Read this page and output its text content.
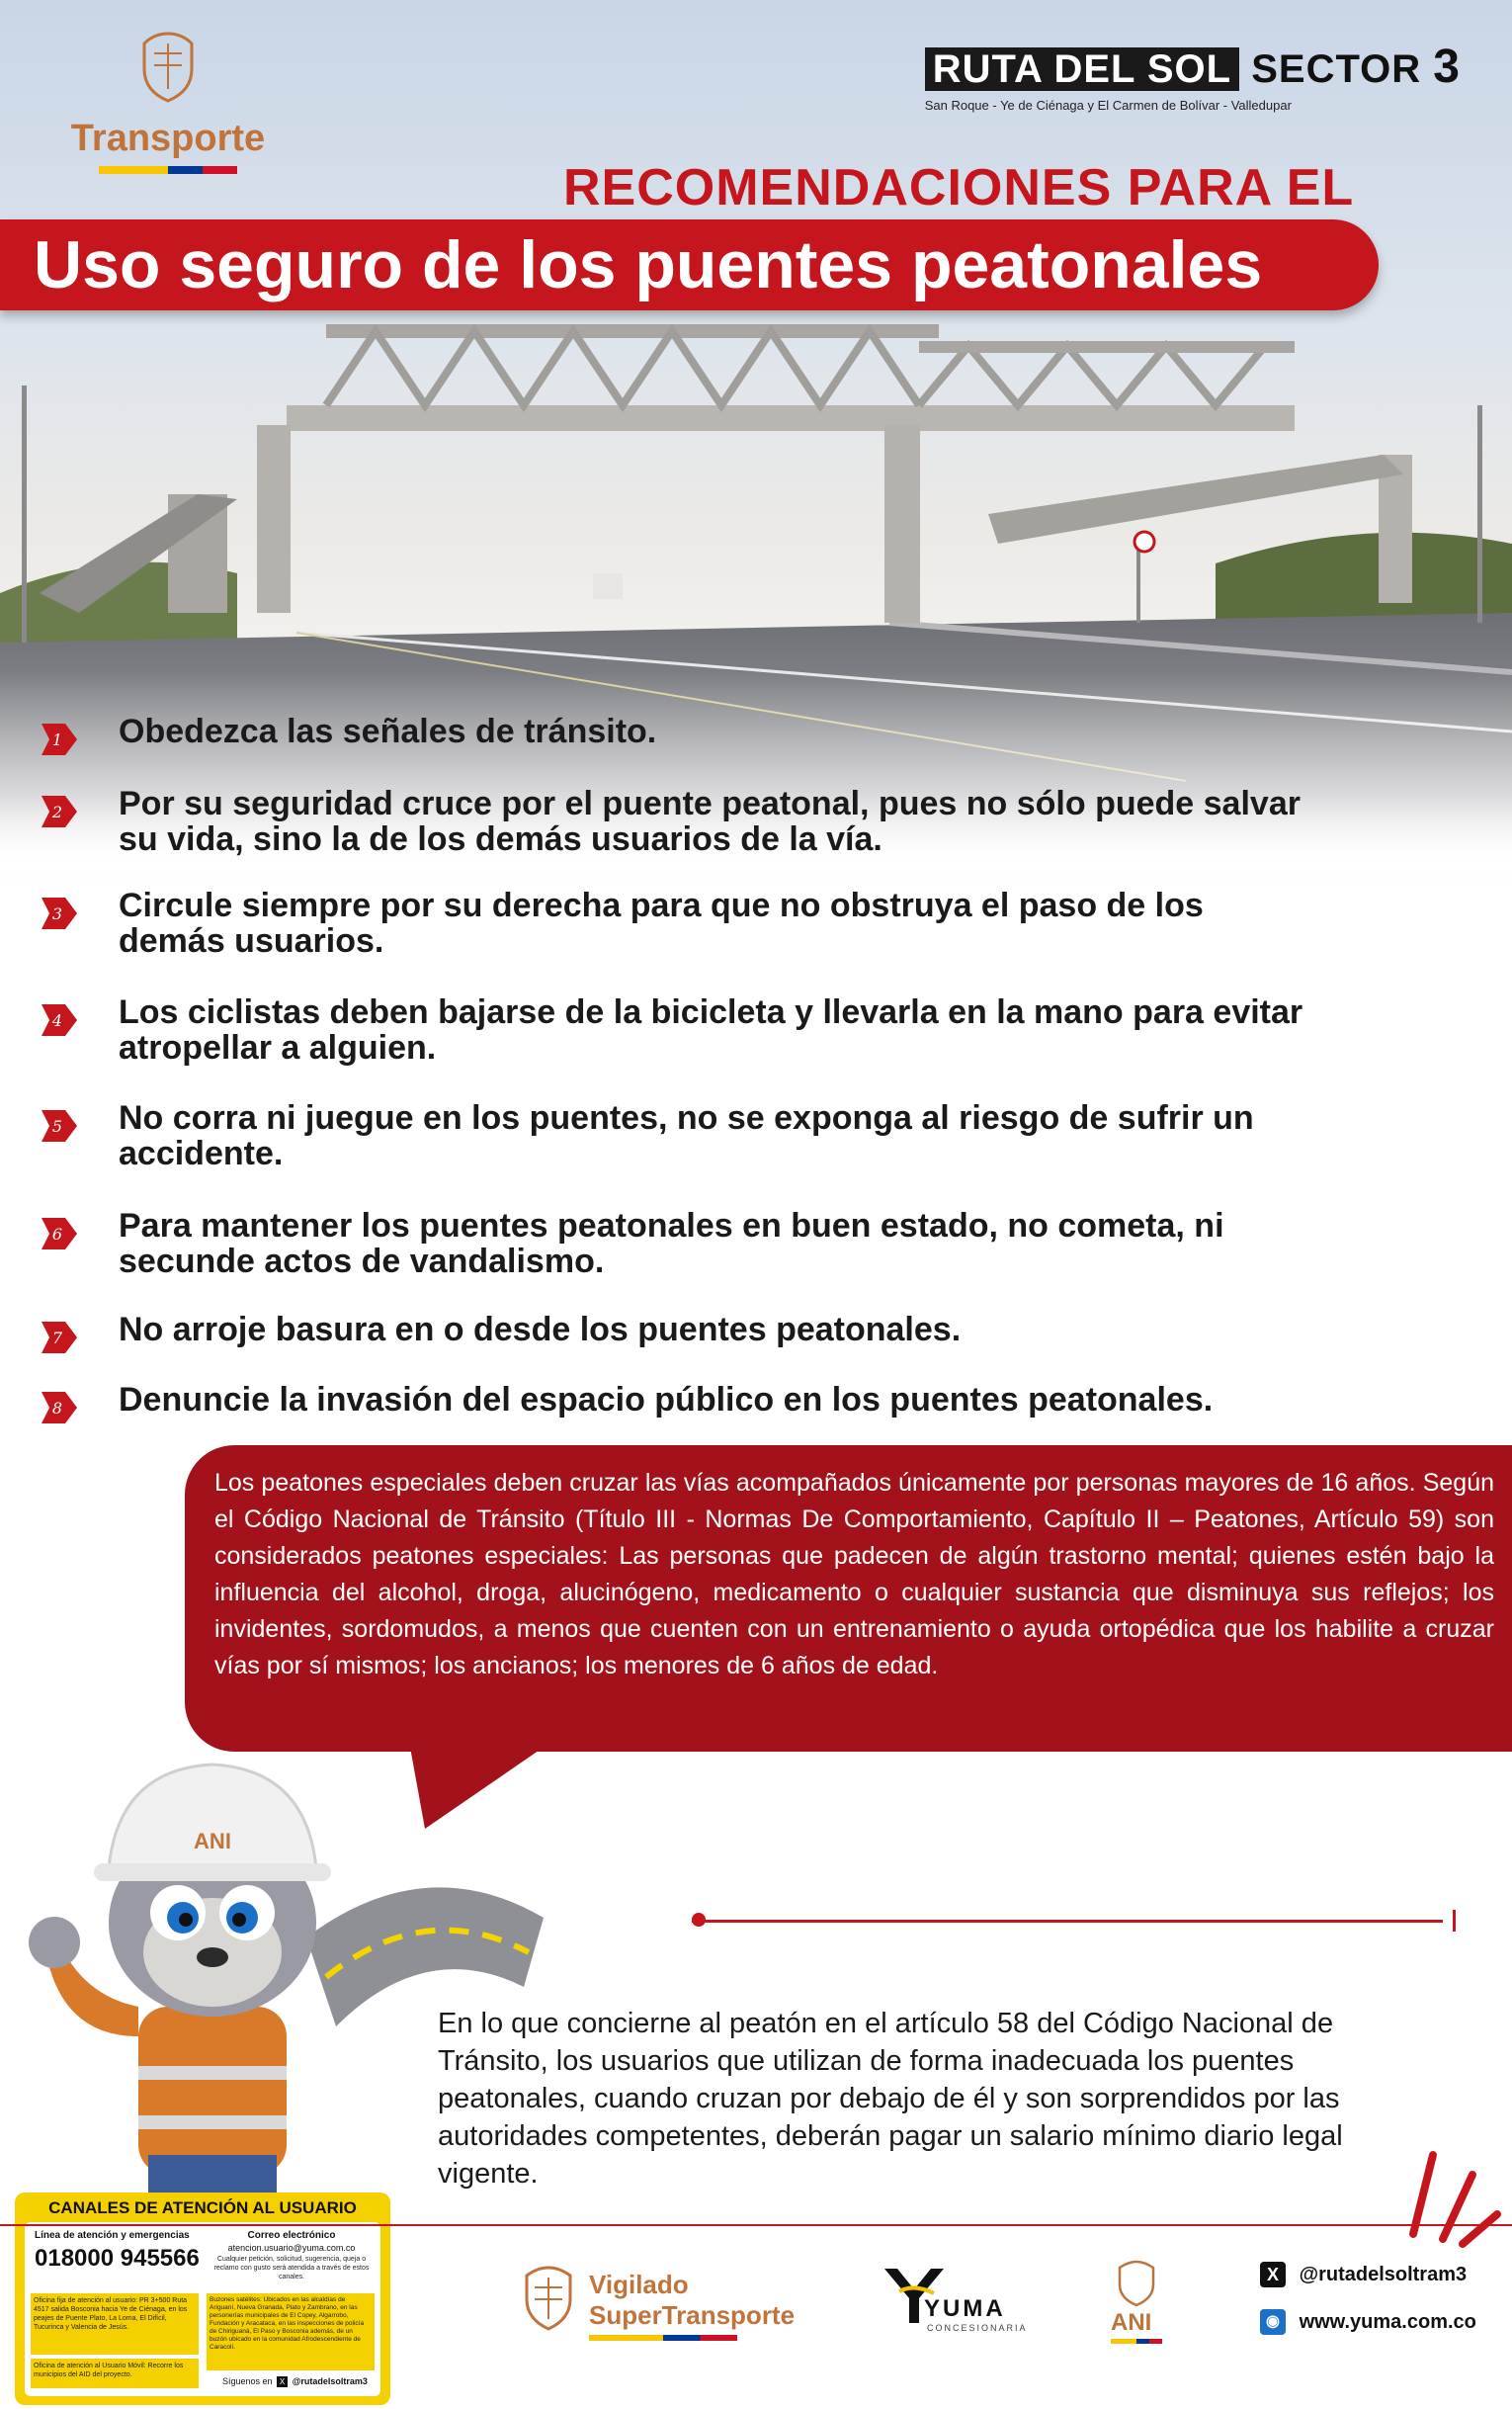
Transporte
RUTA DEL SOL SECTOR 3
San Roque - Ye de Ciénaga y El Carmen de Bolívar - Valledupar
RECOMENDACIONES PARA EL
Uso seguro de los puentes peatonales
1 Obedezca las señales de tránsito.
2 Por su seguridad cruce por el puente peatonal, pues no sólo puede salvar su vida, sino la de los demás usuarios de la vía.
3 Circule siempre por su derecha para que no obstruya el paso de los demás usuarios.
4 Los ciclistas deben bajarse de la bicicleta y llevarla en la mano para evitar atropellar a alguien.
5 No corra ni juegue en los puentes, no se exponga al riesgo de sufrir un accidente.
6 Para mantener los puentes peatonales en buen estado, no cometa, ni secunde actos de vandalismo.
7 No arroje basura en o desde los puentes peatonales.
8 Denuncie la invasión del espacio público en los puentes peatonales.
Los peatones especiales deben cruzar las vías acompañados únicamente por personas mayores de 16 años. Según el Código Nacional de Tránsito (Título III - Normas De Comportamiento, Capítulo II – Peatones, Artículo 59) son considerados peatones especiales: Las personas que padecen de algún trastorno mental; quienes estén bajo la influencia del alcohol, droga, alucinógeno, medicamento o cualquier sustancia que disminuya sus reflejos; los invidentes, sordomudos, a menos que cuenten con un entrenamiento o ayuda ortopédica que los habilite a cruzar vías por sí mismos; los ancianos; los menores de 6 años de edad.
En lo que concierne al peatón en el artículo 58 del Código Nacional de Tránsito, los usuarios que utilizan de forma inadecuada los puentes peatonales, cuando cruzan por debajo de él y son sorprendidos por las autoridades competentes, deberán pagar un salario mínimo diario legal vigente.
ANI
CANALES DE ATENCIÓN AL USUARIO
Línea de atención y emergencias
018000 945566
Correo electrónico
atencion.usuario@yuma.com.co
Cualquier petición, solicitud, sugerencia, queja o reclamo con gusto será atendida a través de estos canales.
Oficina fija de atención al usuario: PR 3+500 Ruta 4517 salida Bosconia hacia Ye de Ciénaga, en los peajes de Puente Plato, La Loma, El Difícil, Tucurinca y Valencia de Jesús.
Buzones satélites: Ubicados en las alcaldías de Ariguaní, Nueva Granada, Plato y Zambrano, en las personerías municipales de El Copey, Algarrobo, Fundación y Aracataca, en las inspecciones de policía de Chiriguaná, El Paso y Bosconia además, de un buzón ubicado en la comunidad Afrodescendiente de Caracolí.
Oficina de atención al Usuario Móvil: Recorre los municipios del AID del proyecto.
Síguenos en X @rutadelsoltram3
Vigilado
SuperTransporte	YUMA
CONCESIONARIA	ANI
X @rutadelsoltram3
◉ www.yuma.com.co
